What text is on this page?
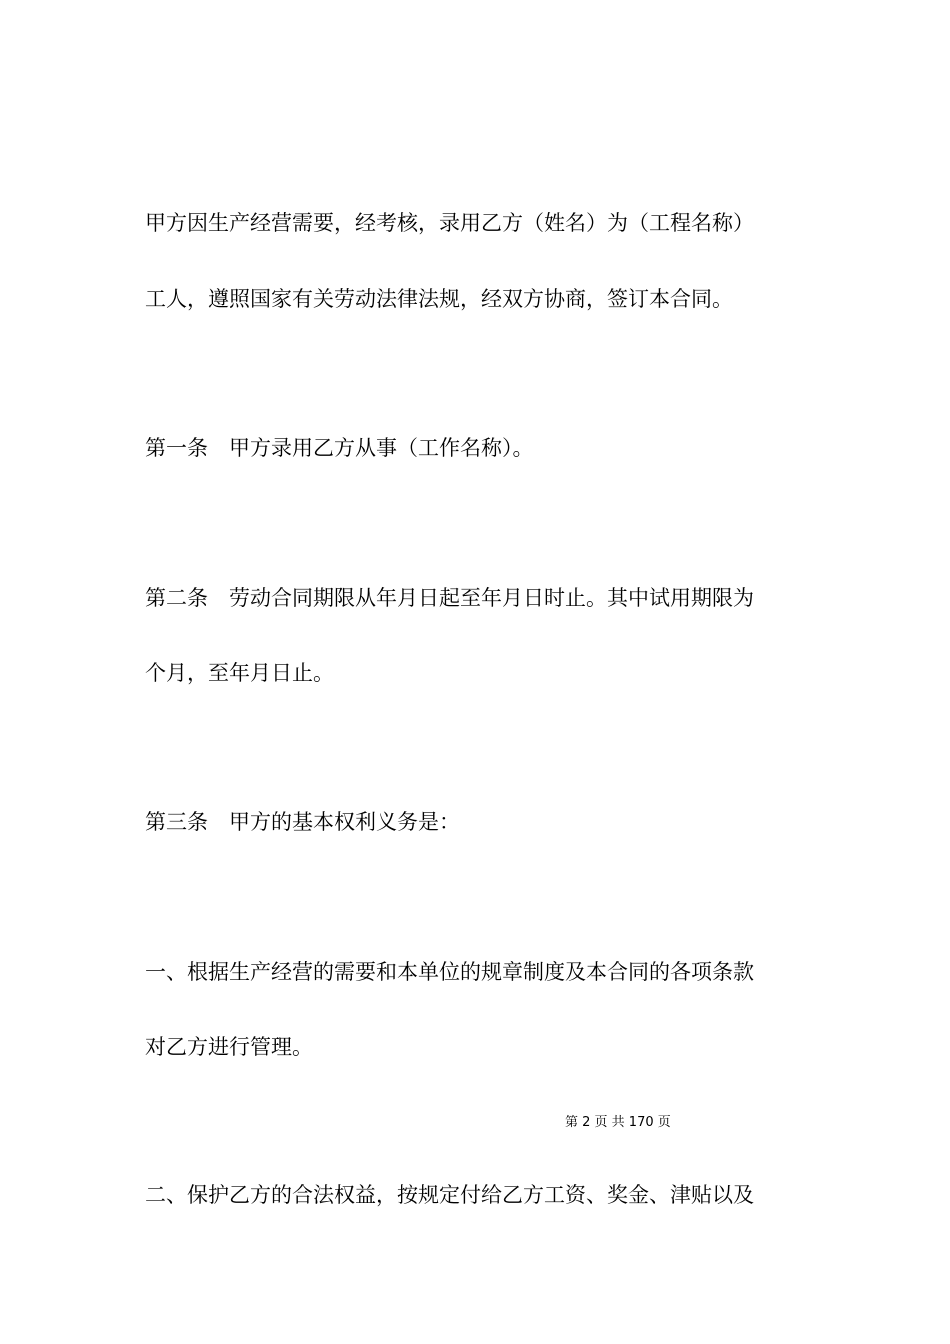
甲方因生产经营需要，经考核，录用乙方（姓名）为（工程名称）
工人，遵照国家有关劳动法律法规，经双方协商，签订本合同。
第一条　甲方录用乙方从事（工作名称）。
第二条　劳动合同期限从年月日起至年月日时止。其中试用期限为
个月，至年月日止。
第三条　甲方的基本权利义务是：
一、根据生产经营的需要和本单位的规章制度及本合同的各项条款
对乙方进行管理。
第 2 页 共 170 页
二、保护乙方的合法权益，按规定付给乙方工资、奖金、津贴以及
